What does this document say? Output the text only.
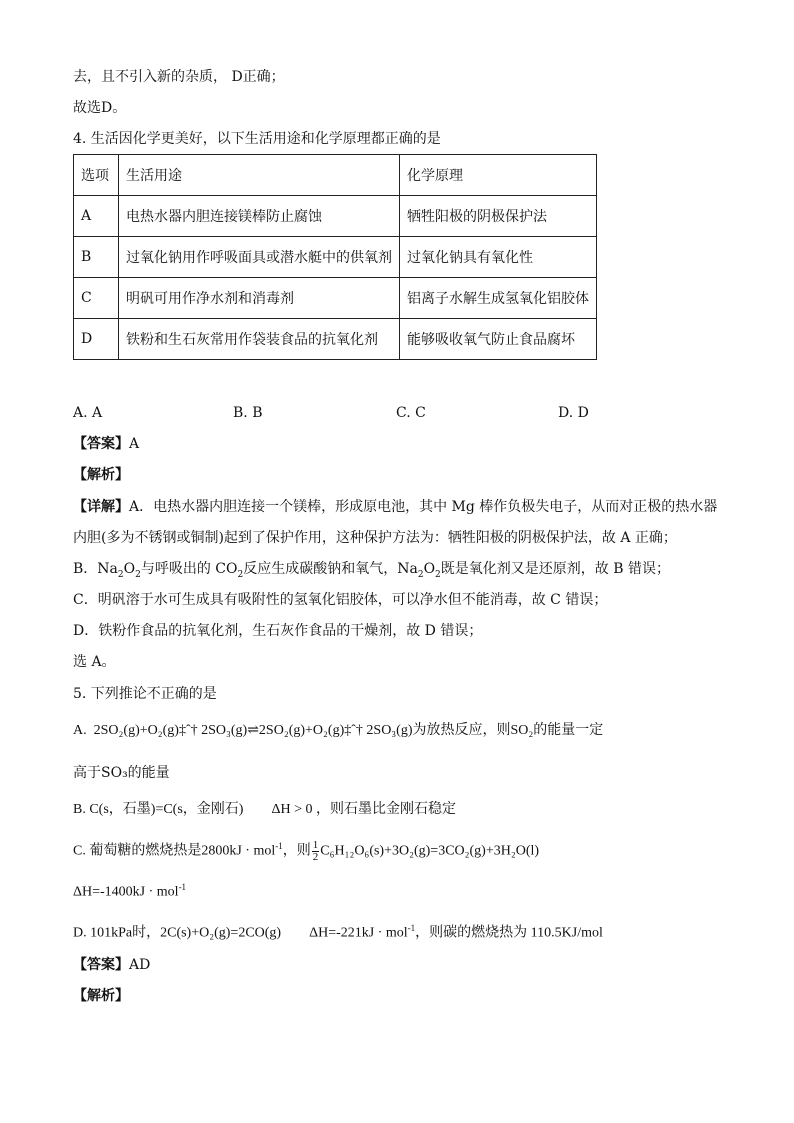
去，且不引入新的杂质， D正确；
故选D。
4. 生活因化学更美好，以下生活用途和化学原理都正确的是
选项	生活用途	化学原理
A	电热水器内胆连接镁棒防止腐蚀	牺牲阳极的阴极保护法
B	过氧化钠用作呼吸面具或潜水艇中的供氧剂	过氧化钠具有氧化性
C	明矾可用作净水剂和消毒剂	铝离子水解生成氢氧化铝胶体
D	铁粉和生石灰常用作袋装食品的抗氧化剂	能够吸收氧气防止食品腐坏
A. A	B. B	C. C	D. D
【答案】A
【解析】
【详解】A．电热水器内胆连接一个镁棒，形成原电池，其中 Mg 棒作负极失电子，从而对正极的热水器
内胆(多为不锈钢或铜制)起到了保护作用，这种保护方法为：牺牲阳极的阴极保护法，故 A 正确；
B．$Na_2O_2$与呼吸出的 $CO_2$反应生成碳酸钠和氧气，$Na_2O_2$既是氧化剂又是还原剂，故 B 错误；
C．明矾溶于水可生成具有吸附性的氢氧化铝胶体，可以净水但不能消毒，故 C 错误；
D．铁粉作食品的抗氧化剂，生石灰作食品的干燥剂，故 D 错误；
选 A。
5. 下列推论不正确的是
A. 2SO₂(g)+O₂(g)‡ˆ† 2SO₃(g)⇌2SO₂(g)+O₂(g)‡ˆ† 2SO₃(g)为放热反应，则SO₂的能量一定
高于SO₃的能量
B. C(s，石墨)=C(s，金刚石)　　ΔH > 0 ，则石墨比金刚石稳定
C. 葡萄糖的燃烧热是2800kJ · mol$^{-1}$，则 $\frac{1}{2} C_6H_{12}O_6(s)+3O_2(g)=3CO_2(g)+3H_2O(l)$
ΔH=-1400kJ · mol$^{-1}$
D. 101kPa时，2C(s)+O₂(g)=2CO(g)　　ΔH=-221kJ · mol$^{-1}$，则碳的燃烧热为 110.5KJ/mol
【答案】AD
【解析】
